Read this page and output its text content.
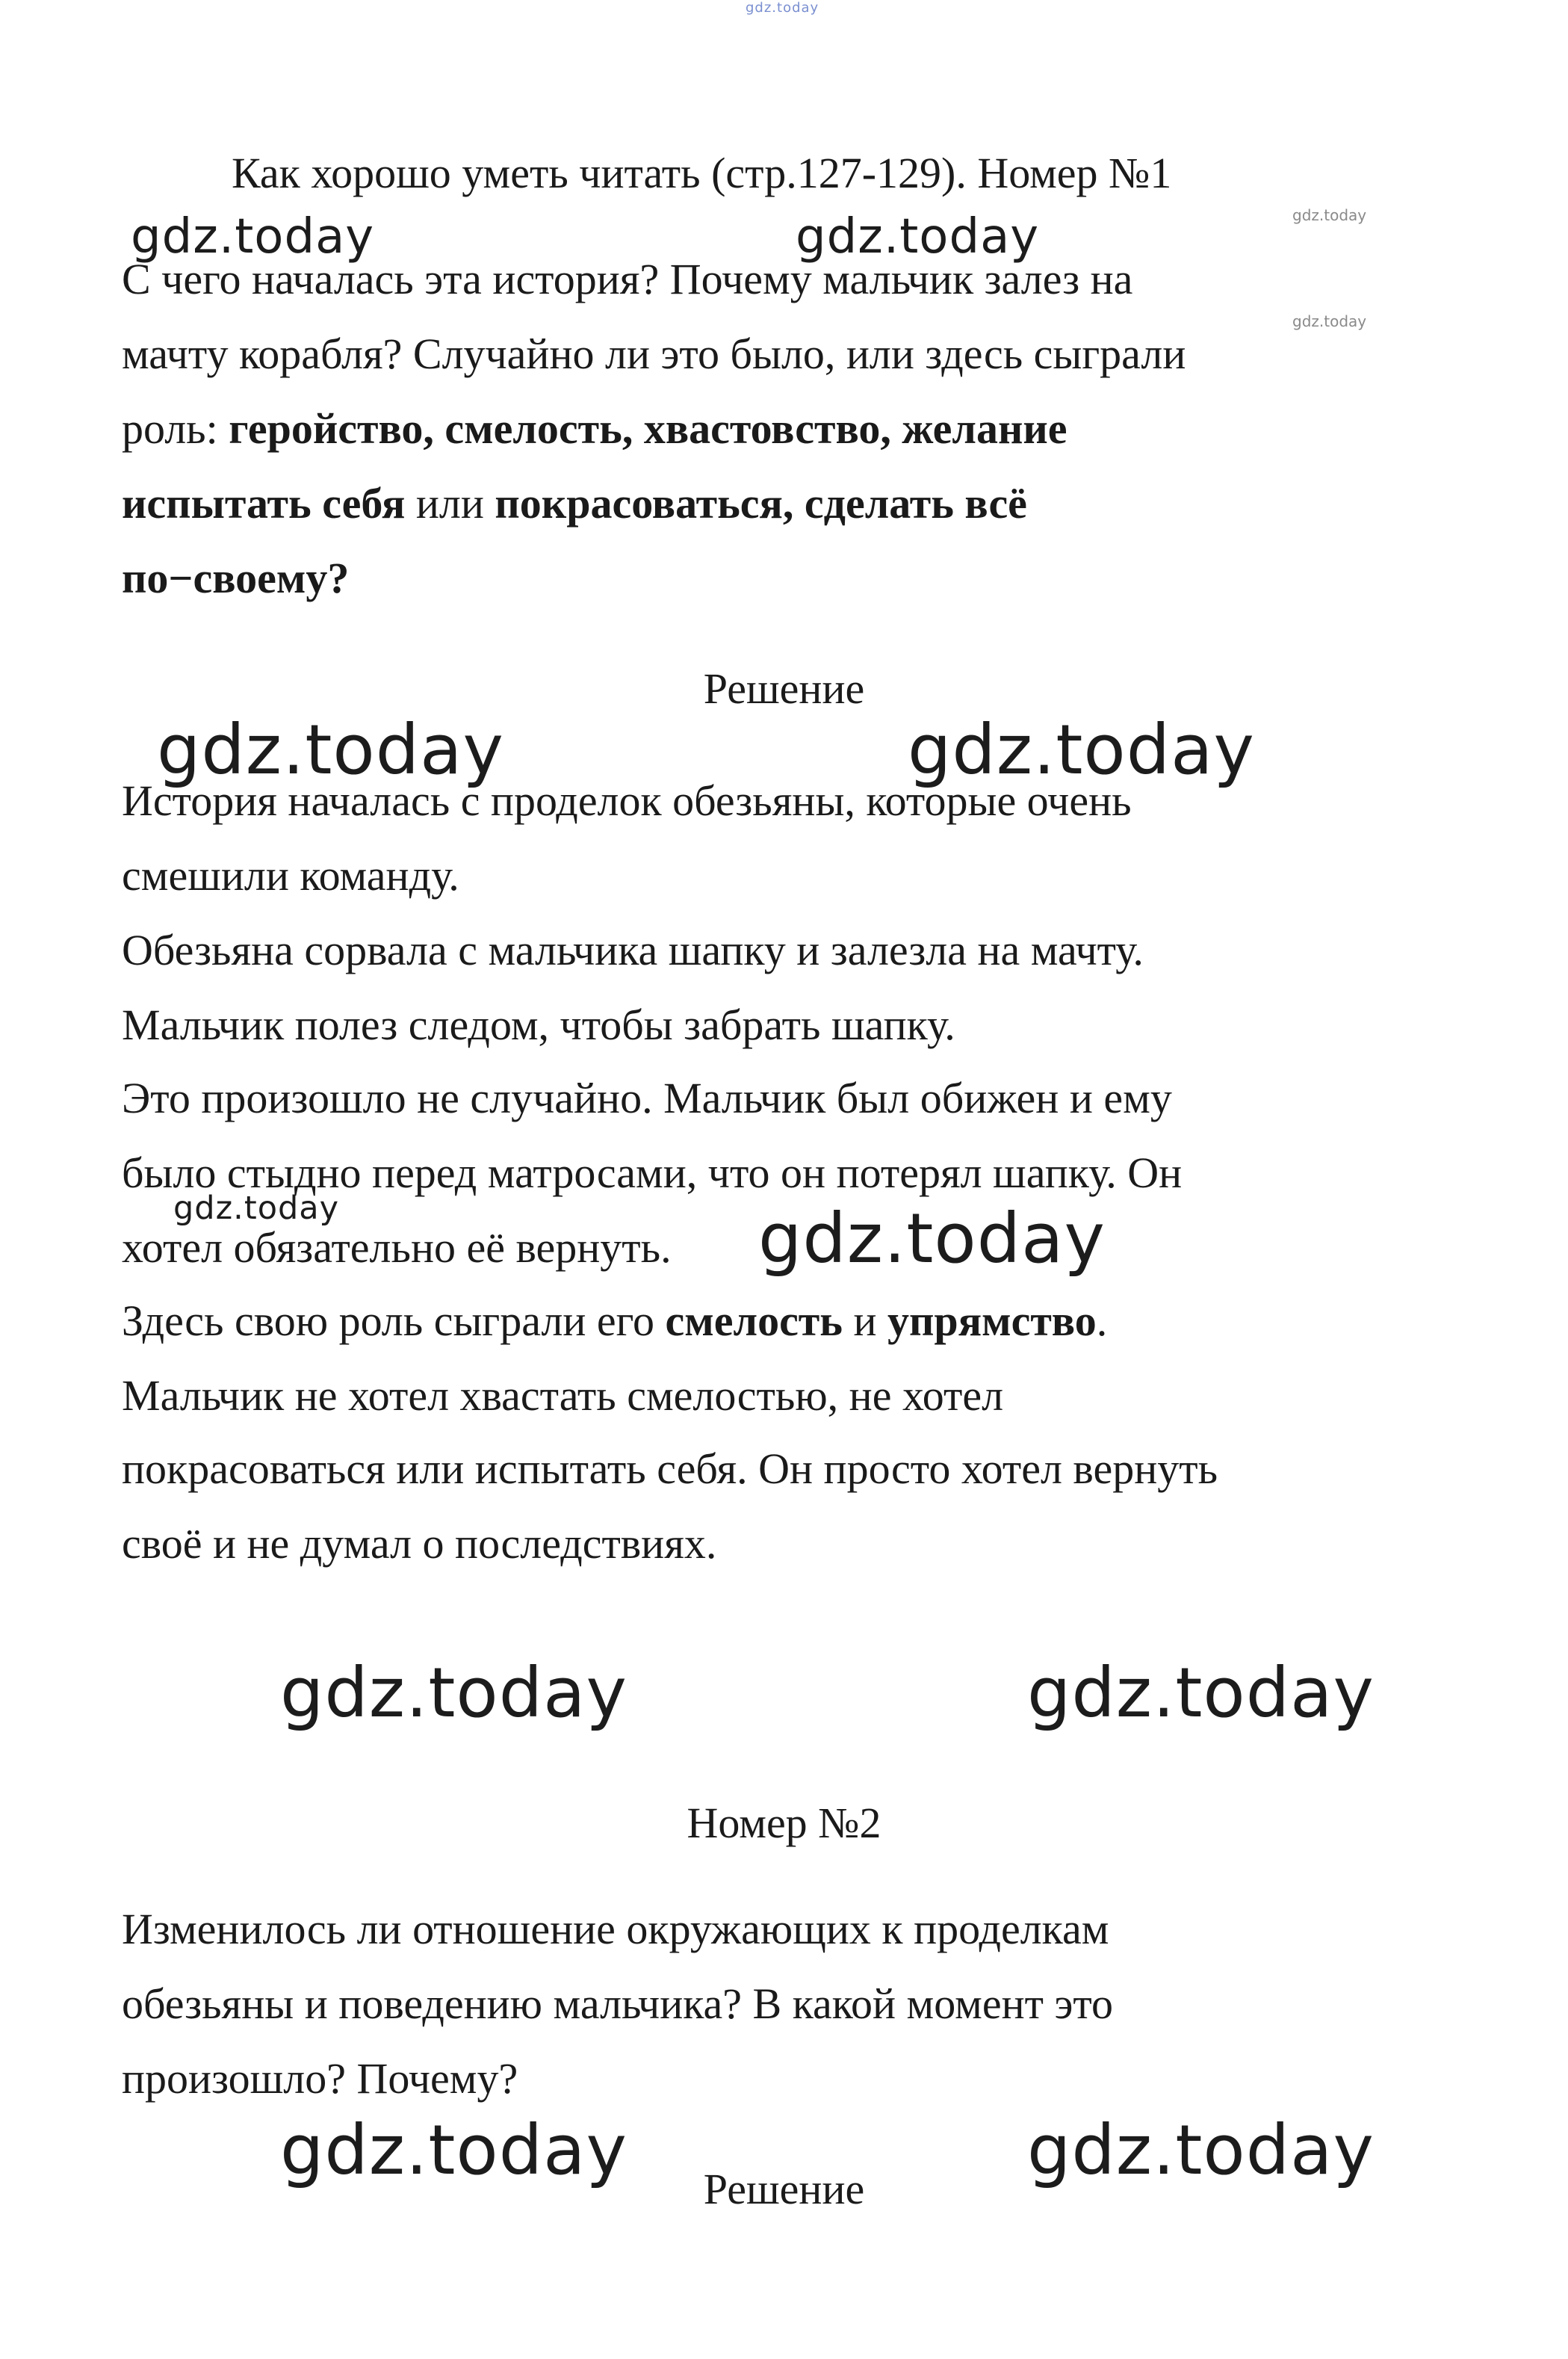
gdz.today
Как хорошо уметь читать (стр.127-129). Номер №1
gdz.today
gdz.today
gdz.today	gdz.today
С чего началась эта история? Почему мальчик залез на
мачту корабля? Случайно ли это было, или здесь сыграли
роль: геройство, смелость, хвастовство, желание
испытать себя или покрасоваться, сделать всё
по−своему?
Решение
gdz.today	gdz.today
История началась с проделок обезьяны, которые очень
смешили команду.
Обезьяна сорвала с мальчика шапку и залезла на мачту.
Мальчик полез следом, чтобы забрать шапку.
Это произошло не случайно. Мальчик был обижен и ему
было стыдно перед матросами, что он потерял шапку. Он
gdz.today
хотел обязательно её вернуть. gdz.today
Здесь свою роль сыграли его смелость и упрямство.
Мальчик не хотел хвастать смелостью, не хотел
покрасоваться или испытать себя. Он просто хотел вернуть
своё и не думал о последствиях.
gdz.today	gdz.today
Номер №2
Изменилось ли отношение окружающих к проделкам
обезьяны и поведению мальчика? В какой момент это
произошло? Почему?
gdz.today	gdz.today
Решение
